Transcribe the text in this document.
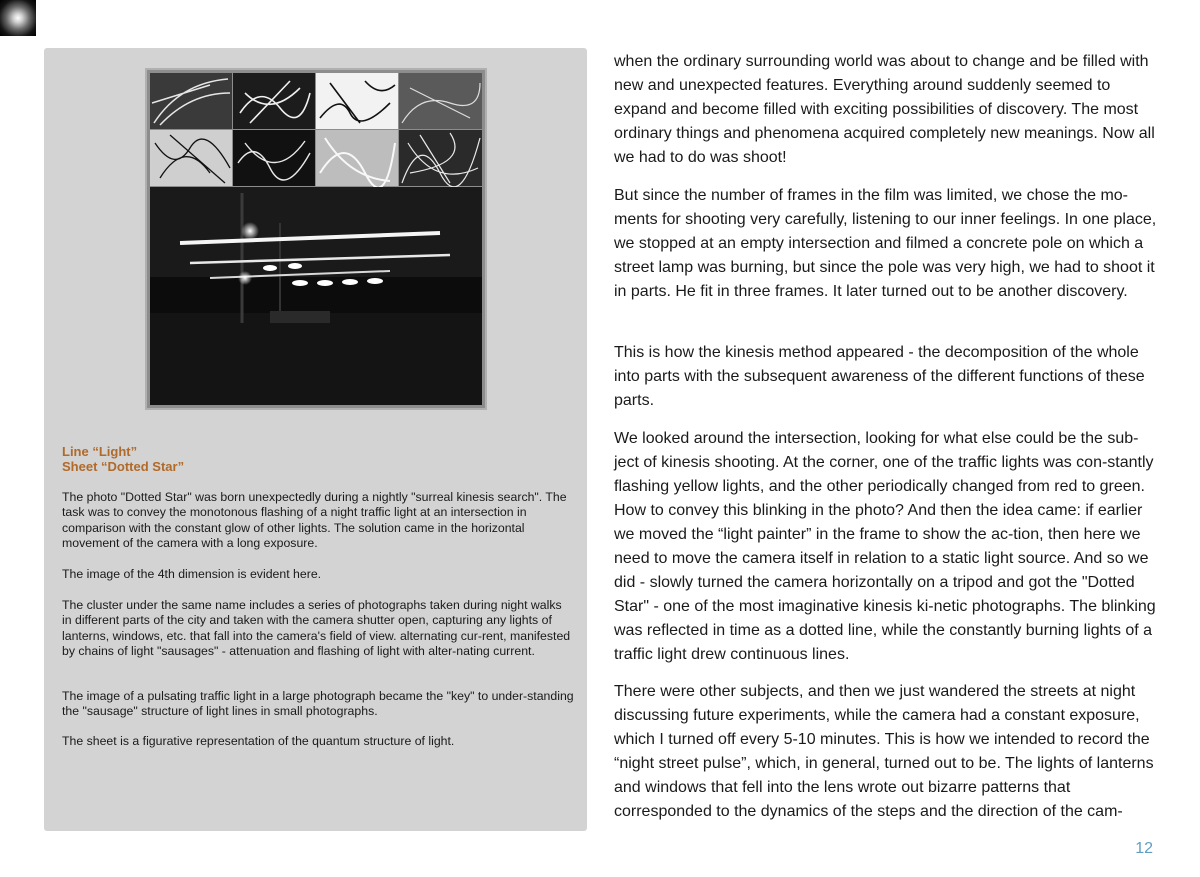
Line “Light”
Sheet “Dotted Star”
The photo "Dotted Star" was born unexpectedly during a nightly "surreal kinesis search". The task was to convey the monotonous flashing of a night traffic light at an intersection in comparison with the constant glow of other lights. The solution came in the horizontal movement of the camera with a long exposure.
The image of the 4th dimension is evident here.
The cluster under the same name includes a series of photographs taken during night walks in different parts of the city and taken with the camera shutter open, capturing any lights of lanterns, windows, etc. that fall into the camera's field of view. alternating cur-rent, manifested by chains of light "sausages" - attenuation and flashing of light with alter-nating current.
The image of a pulsating traffic light in a large photograph became the "key" to under-standing the "sausage" structure of light lines in small photographs.
The sheet is a figurative representation of the quantum structure of light.
when the ordinary surrounding world was about to change and be filled with new and unexpected features. Everything around suddenly seemed to expand and become filled with exciting possibilities of discovery. The most ordinary things and phenomena acquired completely new meanings. Now all we had to do was shoot!
But since the number of frames in the film was limited, we chose the mo-ments for shooting very carefully, listening to our inner feelings. In one place, we stopped at an empty intersection and filmed a concrete pole on which a street lamp was burning, but since the pole was very high, we had to shoot it in parts. He fit in three frames. It later turned out to be another discovery.
This is how the kinesis method appeared - the decomposition of the whole into parts with the subsequent awareness of the different functions of these parts.
We looked around the intersection, looking for what else could be the sub-ject of kinesis shooting. At the corner, one of the traffic lights was con-stantly flashing yellow lights, and the other periodically changed from red to green. How to convey this blinking in the photo? And then the idea came: if earlier we moved the “light painter” in the frame to show the ac-tion, then here we need to move the camera itself in relation to a static light source. And so we did - slowly turned the camera horizontally on a tripod and got the "Dotted Star" - one of the most imaginative kinesis ki-netic photographs. The blinking was reflected in time as a dotted line, while the constantly burning lights of a traffic light drew continuous lines.
There were other subjects, and then we just wandered the streets at night discussing future experiments, while the camera had a constant exposure, which I turned off every 5-10 minutes. This is how we intended to record the “night street pulse”, which, in general, turned out to be. The lights of lanterns and windows that fell into the lens wrote out bizarre patterns that corresponded to the dynamics of the steps and the direction of the cam-
12
